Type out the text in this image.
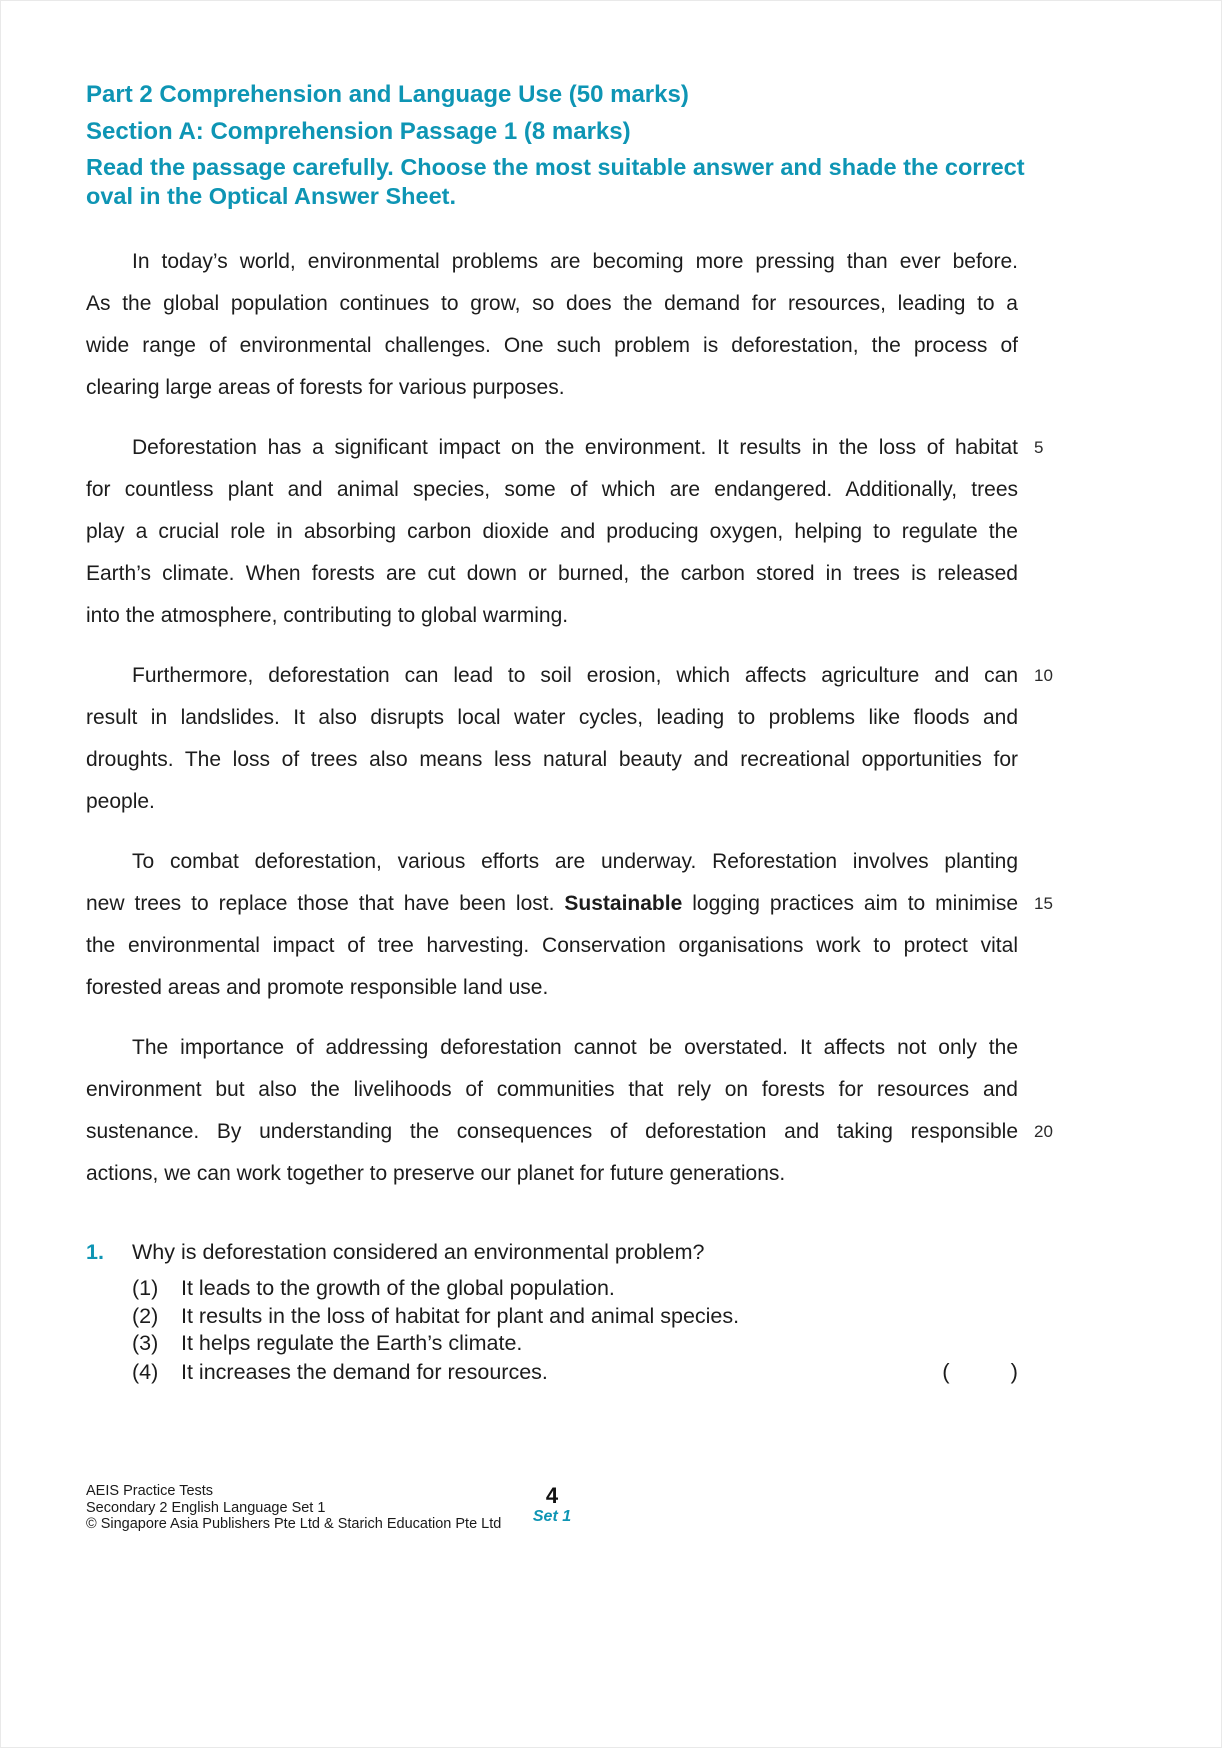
Part 2 Comprehension and Language Use (50 marks)
Section A: Comprehension Passage 1 (8 marks)
Read the passage carefully. Choose the most suitable answer and shade the correct
oval in the Optical Answer Sheet.
In today’s world, environmental problems are becoming more pressing than ever before.
As the global population continues to grow, so does the demand for resources, leading to a
wide range of environmental challenges. One such problem is deforestation, the process of
clearing large areas of forests for various purposes.
Deforestation has a significant impact on the environment. It results in the loss of habitat 5
for countless plant and animal species, some of which are endangered. Additionally, trees
play a crucial role in absorbing carbon dioxide and producing oxygen, helping to regulate the
Earth’s climate. When forests are cut down or burned, the carbon stored in trees is released
into the atmosphere, contributing to global warming.
Furthermore, deforestation can lead to soil erosion, which affects agriculture and can 10
result in landslides. It also disrupts local water cycles, leading to problems like floods and
droughts. The loss of trees also means less natural beauty and recreational opportunities for
people.
To combat deforestation, various efforts are underway. Reforestation involves planting
new trees to replace those that have been lost. Sustainable logging practices aim to minimise 15
the environmental impact of tree harvesting. Conservation organisations work to protect vital
forested areas and promote responsible land use.
The importance of addressing deforestation cannot be overstated. It affects not only the
environment but also the livelihoods of communities that rely on forests for resources and
sustenance. By understanding the consequences of deforestation and taking responsible 20
actions, we can work together to preserve our planet for future generations.
1.	Why is deforestation considered an environmental problem?
(1)	It leads to the growth of the global population.
(2)	It results in the loss of habitat for plant and animal species.
(3)	It helps regulate the Earth’s climate.
(4)	It increases the demand for resources.	(          )
AEIS Practice Tests
Secondary 2 English Language Set 1
© Singapore Asia Publishers Pte Ltd & Starich Education Pte Ltd
4
Set 1
